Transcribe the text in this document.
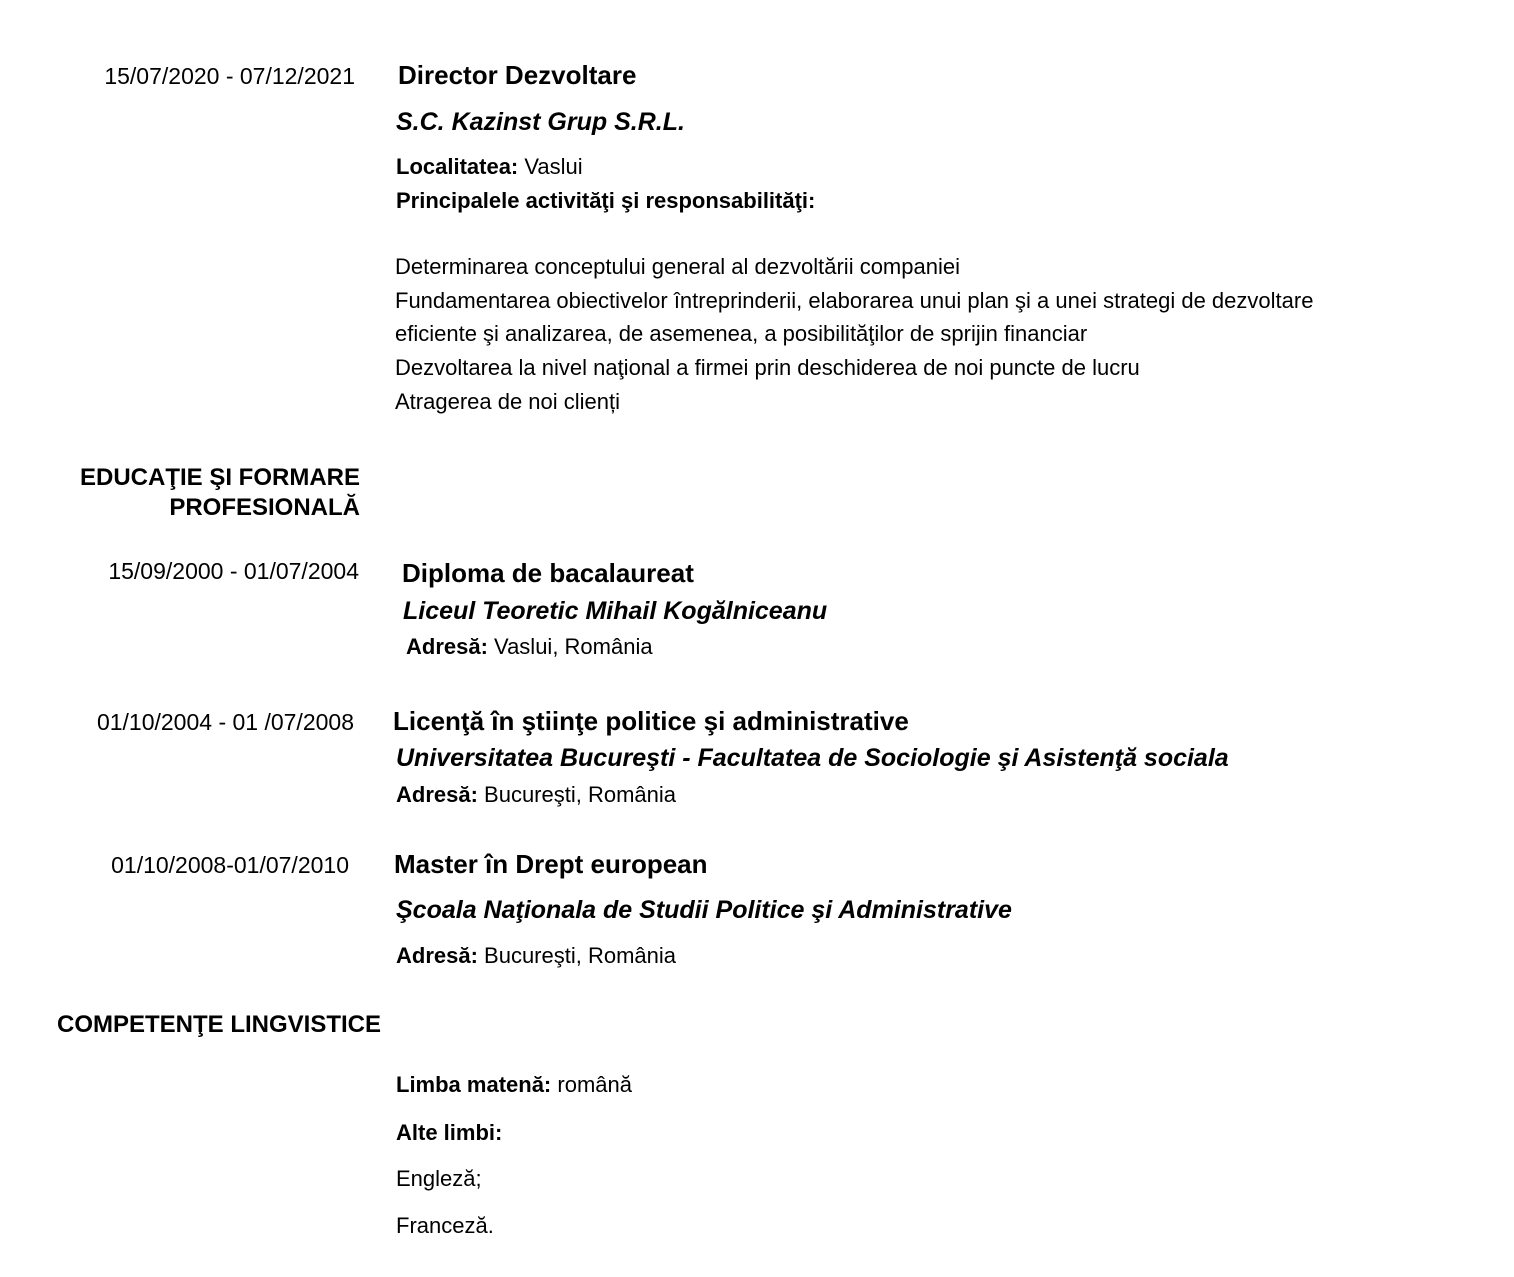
15/07/2020 - 07/12/2021 Director Dezvoltare
S.C. Kazinst Grup S.R.L.
Localitatea: Vaslui
Principalele activităţi şi responsabilităţi:
Determinarea conceptului general al dezvoltării companiei
Fundamentarea obiectivelor întreprinderii, elaborarea unui plan şi a unei strategi de dezvoltare
eficiente şi analizarea, de asemenea, a posibilităţilor de sprijin financiar
Dezvoltarea la nivel naţional a firmei prin deschiderea de noi puncte de lucru
Atragerea de noi clienți
EDUCAŢIE ŞI FORMARE
PROFESIONALĂ
15/09/2000 - 01/07/2004 Diploma de bacalaureat
Liceul Teoretic Mihail Kogălniceanu
Adresă: Vaslui, România
01/10/2004 - 01 /07/2008 Licenţă în ştiinţe politice şi administrative
Universitatea Bucureşti - Facultatea de Sociologie şi Asistenţă sociala
Adresă: Bucureşti, România
01/10/2008-01/07/2010 Master în Drept european
Şcoala Naţionala de Studii Politice şi Administrative
Adresă: Bucureşti, România
COMPETENŢE LINGVISTICE
Limba matenă: română
Alte limbi:
Engleză;
Franceză.
